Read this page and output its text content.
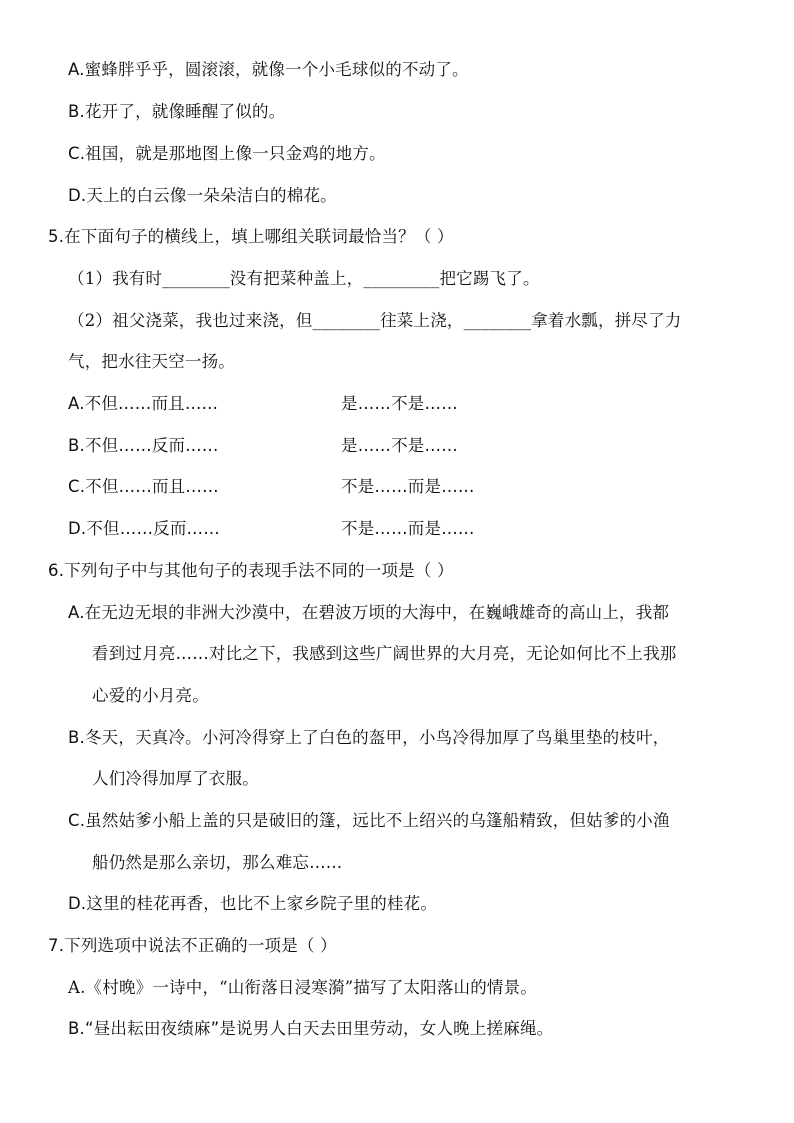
A.蜜蜂胖乎乎，圆滚滚，就像一个小毛球似的不动了。
B.花开了，就像睡醒了似的。
C.祖国，就是那地图上像一只金鸡的地方。
D.天上的白云像一朵朵洁白的棉花。
5.在下面句子的横线上，填上哪组关联词最恰当？（ ）
（1）我有时________没有把菜种盖上，_________把它踢飞了。
（2）祖父浇菜，我也过来浇，但________往菜上浇，________拿着水瓢，拼尽了力
气，把水往天空一扬。
A.不但……而且……	是……不是……
B.不但……反而……	是……不是……
C.不但……而且……	不是……而是……
D.不但……反而……	不是……而是……
6.下列句子中与其他句子的表现手法不同的一项是（ ）
A.在无边无垠的非洲大沙漠中，在碧波万顷的大海中，在巍峨雄奇的高山上，我都
看到过月亮……对比之下，我感到这些广阔世界的大月亮，无论如何比不上我那
心爱的小月亮。
B.冬天，天真冷。小河冷得穿上了白色的盔甲，小鸟冷得加厚了鸟巢里垫的枝叶，
人们冷得加厚了衣服。
C.虽然姑爹小船上盖的只是破旧的篷，远比不上绍兴的乌篷船精致，但姑爹的小渔
船仍然是那么亲切，那么难忘……
D.这里的桂花再香，也比不上家乡院子里的桂花。
7.下列选项中说法不正确的一项是（ ）
A.《村晚》一诗中，“山衔落日浸寒漪”描写了太阳落山的情景。
B.“昼出耘田夜绩麻”是说男人白天去田里劳动，女人晚上搓麻绳。
